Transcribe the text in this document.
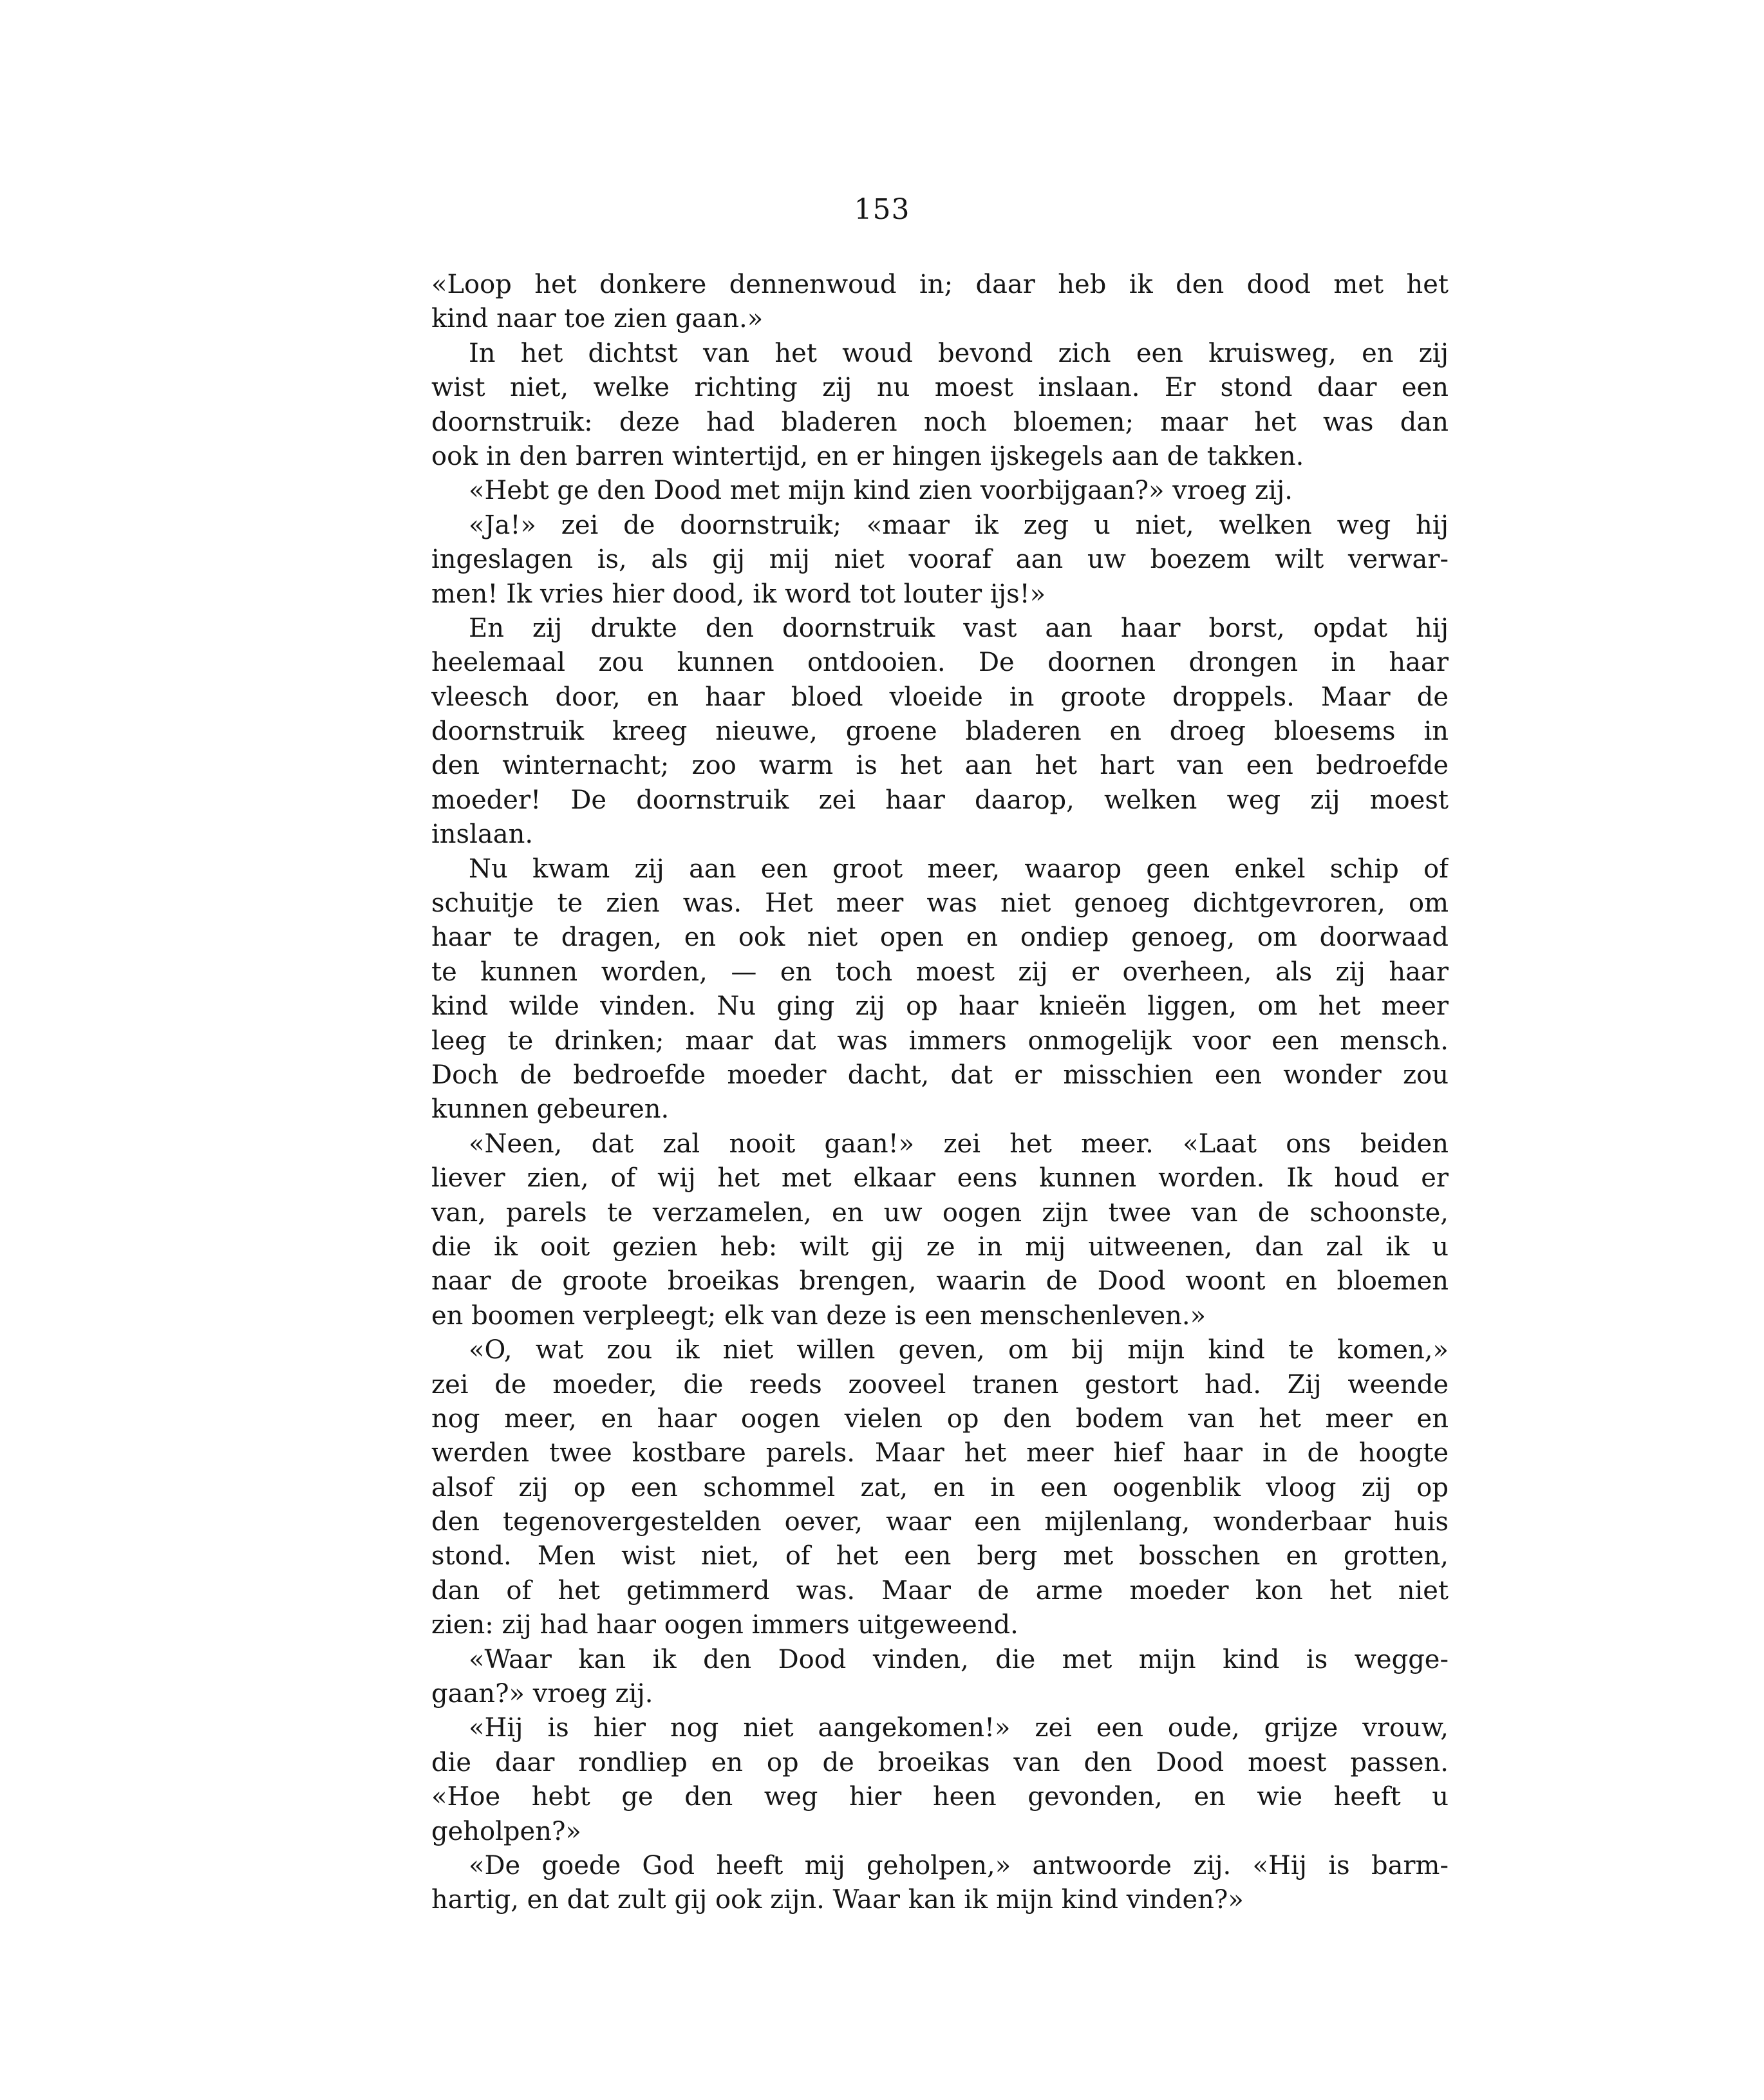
153
«Loop het donkere dennenwoud in; daar heb ik den dood met het
kind naar toe zien gaan.»
In het dichtst van het woud bevond zich een kruisweg, en zij
wist niet, welke richting zij nu moest inslaan. Er stond daar een
doornstruik: deze had bladeren noch bloemen; maar het was dan
ook in den barren wintertijd, en er hingen ijskegels aan de takken.
«Hebt ge den Dood met mijn kind zien voorbijgaan?» vroeg zij.
«Ja!» zei de doornstruik; «maar ik zeg u niet, welken weg hij
ingeslagen is, als gij mij niet vooraf aan uw boezem wilt verwar-
men! Ik vries hier dood, ik word tot louter ijs!»
En zij drukte den doornstruik vast aan haar borst, opdat hij
heelemaal zou kunnen ontdooien. De doornen drongen in haar
vleesch door, en haar bloed vloeide in groote droppels. Maar de
doornstruik kreeg nieuwe, groene bladeren en droeg bloesems in
den winternacht; zoo warm is het aan het hart van een bedroefde
moeder! De doornstruik zei haar daarop, welken weg zij moest
inslaan.
Nu kwam zij aan een groot meer, waarop geen enkel schip of
schuitje te zien was. Het meer was niet genoeg dichtgevroren, om
haar te dragen, en ook niet open en ondiep genoeg, om doorwaad
te kunnen worden, — en toch moest zij er overheen, als zij haar
kind wilde vinden. Nu ging zij op haar knieën liggen, om het meer
leeg te drinken; maar dat was immers onmogelijk voor een mensch.
Doch de bedroefde moeder dacht, dat er misschien een wonder zou
kunnen gebeuren.
«Neen, dat zal nooit gaan!» zei het meer. «Laat ons beiden
liever zien, of wij het met elkaar eens kunnen worden. Ik houd er
van, parels te verzamelen, en uw oogen zijn twee van de schoonste,
die ik ooit gezien heb: wilt gij ze in mij uitweenen, dan zal ik u
naar de groote broeikas brengen, waarin de Dood woont en bloemen
en boomen verpleegt; elk van deze is een menschenleven.»
«O, wat zou ik niet willen geven, om bij mijn kind te komen,»
zei de moeder, die reeds zooveel tranen gestort had. Zij weende
nog meer, en haar oogen vielen op den bodem van het meer en
werden twee kostbare parels. Maar het meer hief haar in de hoogte
alsof zij op een schommel zat, en in een oogenblik vloog zij op
den tegenovergestelden oever, waar een mijlenlang, wonderbaar huis
stond. Men wist niet, of het een berg met bosschen en grotten,
dan of het getimmerd was. Maar de arme moeder kon het niet
zien: zij had haar oogen immers uitgeweend.
«Waar kan ik den Dood vinden, die met mijn kind is wegge-
gaan?» vroeg zij.
«Hij is hier nog niet aangekomen!» zei een oude, grijze vrouw,
die daar rondliep en op de broeikas van den Dood moest passen.
«Hoe hebt ge den weg hier heen gevonden, en wie heeft u
geholpen?»
«De goede God heeft mij geholpen,» antwoorde zij. «Hij is barm-
hartig, en dat zult gij ook zijn. Waar kan ik mijn kind vinden?»
